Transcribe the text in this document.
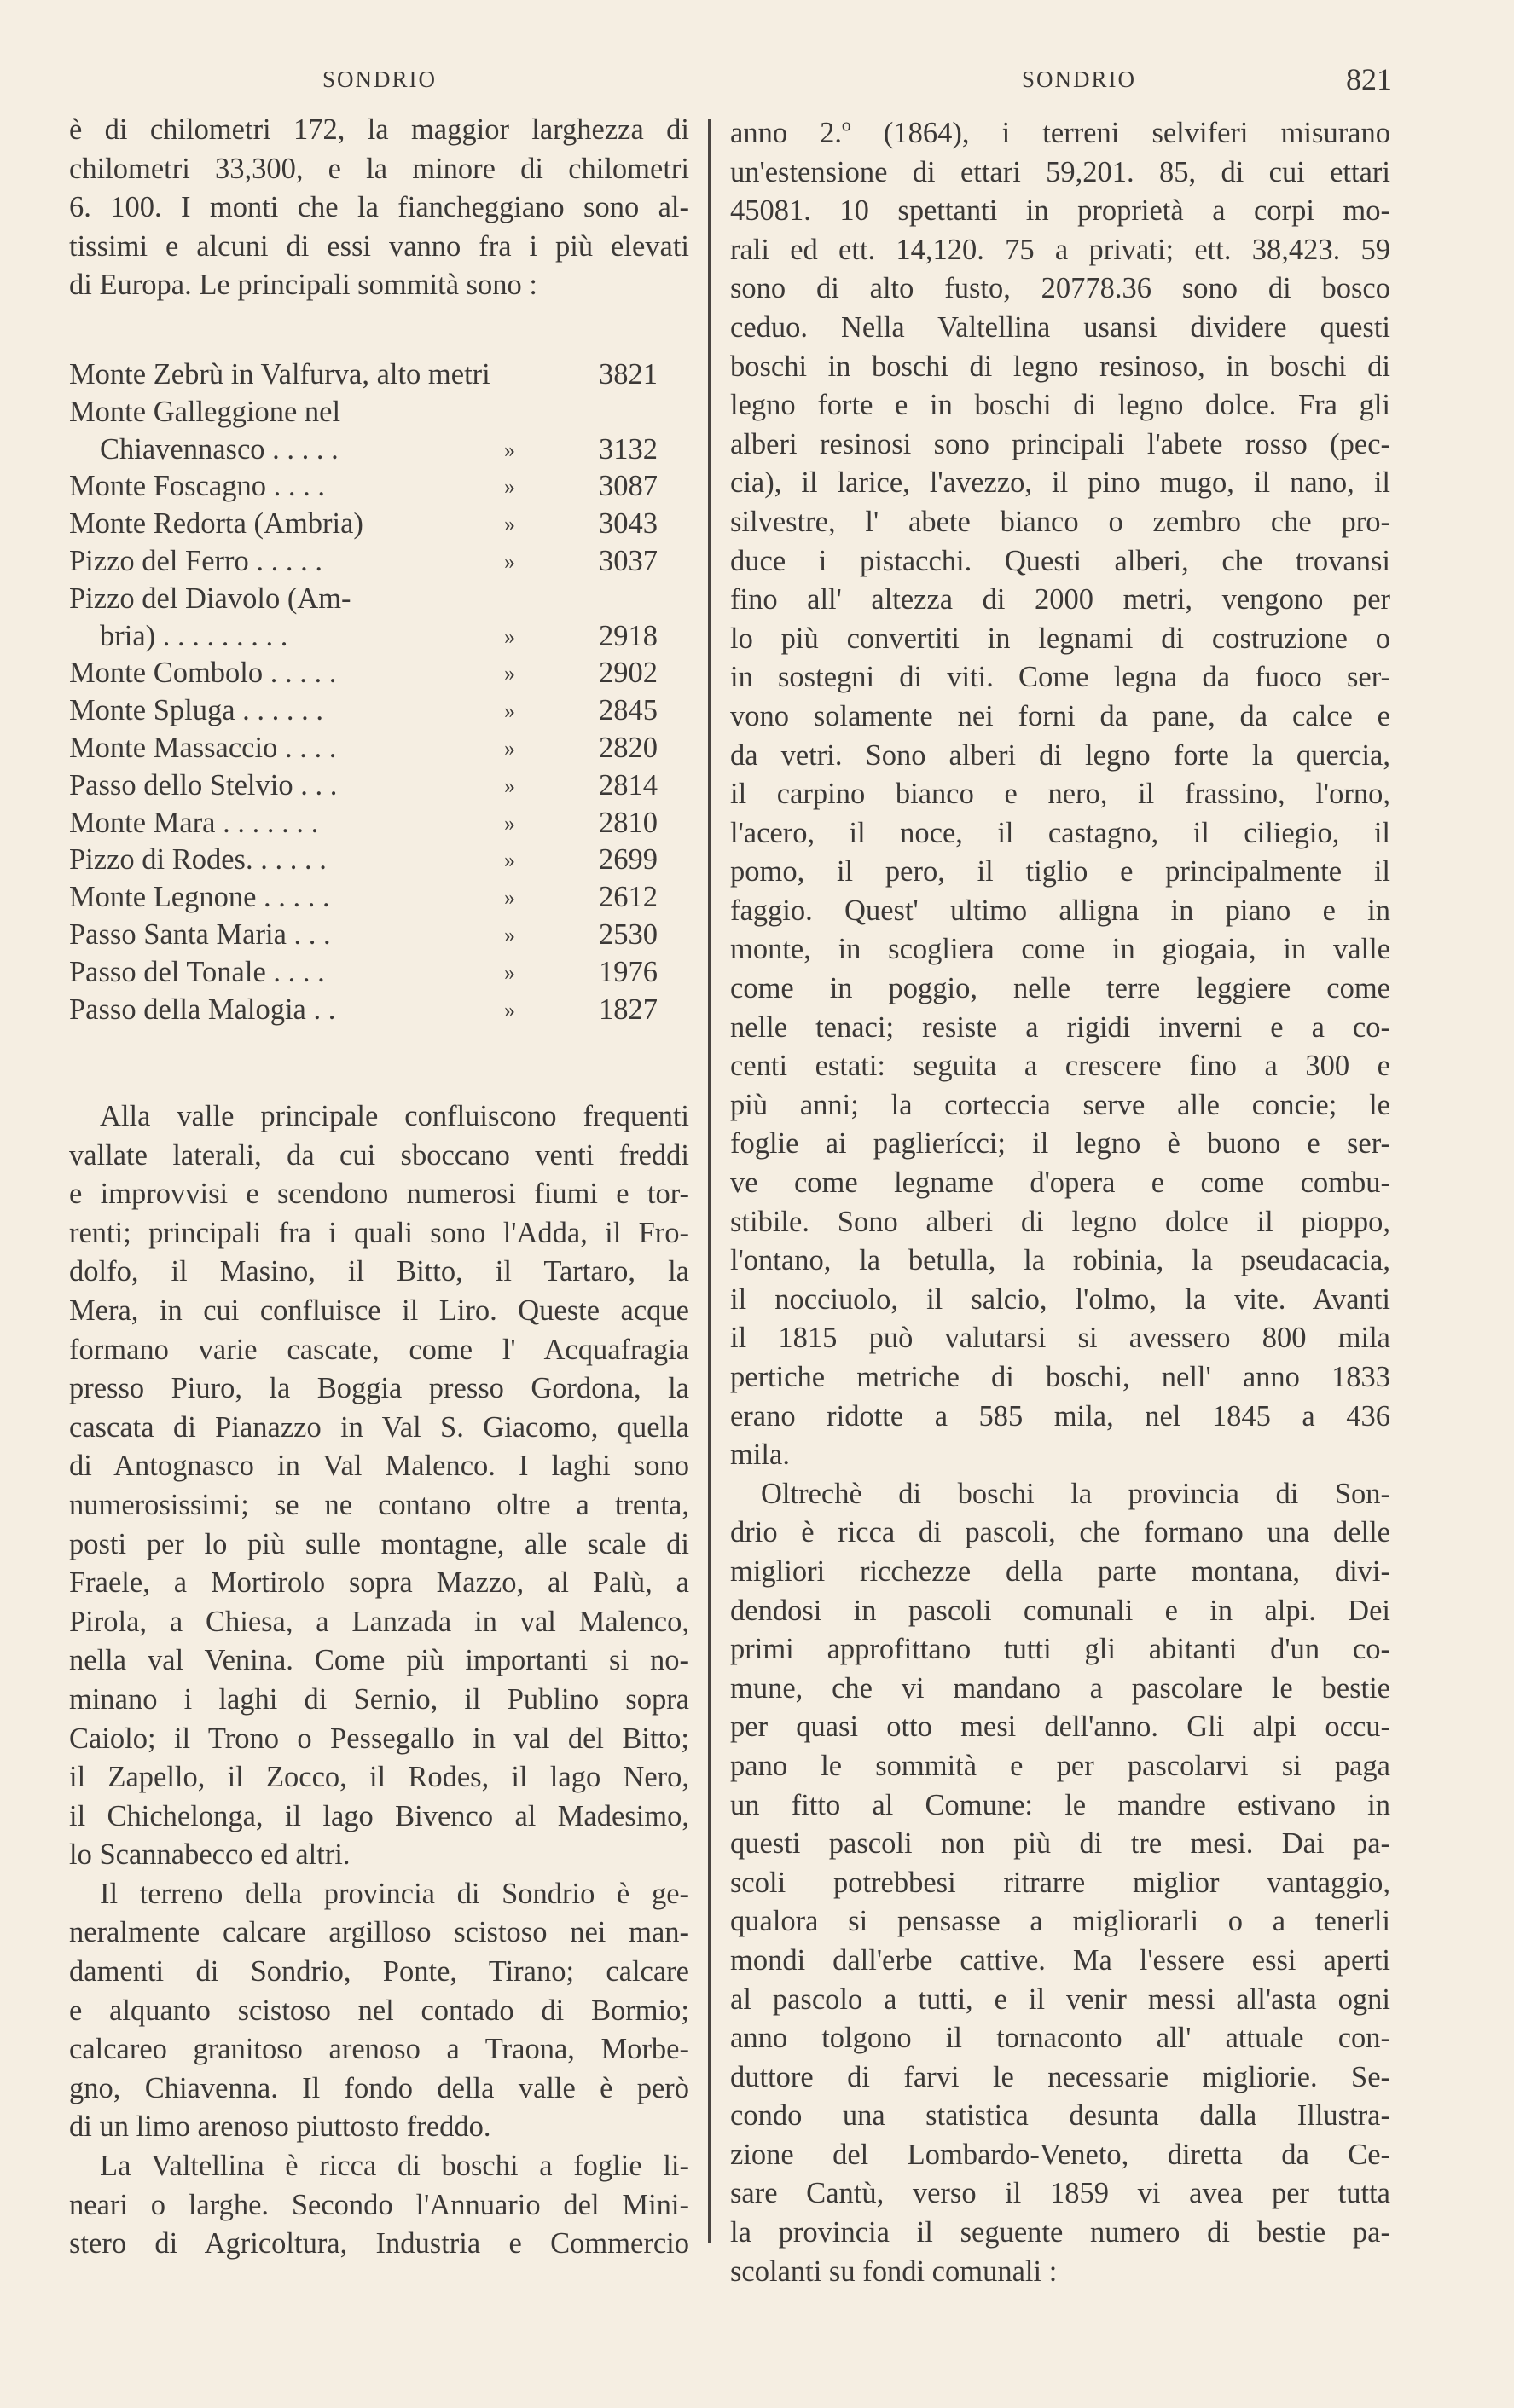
SONDRIO	SONDRIO	821
è di chilometri 172, la maggior larghezza di
chilometri 33,300, e la minore di chilometri
6. 100. I monti che la fiancheggiano sono al-
tissimi e alcuni di essi vanno fra i più elevati
di Europa. Le principali sommità sono :
Monte Zebrù in Valfurva, alto metri	3821
Monte Galleggione nel
Chiavennasco . . . . .	»	3132
Monte Foscagno . . . .	»	3087
Monte Redorta (Ambria)	»	3043
Pizzo del Ferro . . . . .	»	3037
Pizzo del Diavolo (Am-
bria) . . . . . . . . .	»	2918
Monte Combolo . . . . .	»	2902
Monte Spluga . . . . . .	»	2845
Monte Massaccio . . . .	»	2820
Passo dello Stelvio . . .	»	2814
Monte Mara . . . . . . .	»	2810
Pizzo di Rodes. . . . . .	»	2699
Monte Legnone . . . . .	»	2612
Passo Santa Maria . . .	»	2530
Passo del Tonale . . . .	»	1976
Passo della Malogia . .	»	1827
Alla valle principale confluiscono frequenti
vallate laterali, da cui sboccano venti freddi
e improvvisi e scendono numerosi fiumi e tor-
renti; principali fra i quali sono l'Adda, il Fro-
dolfo, il Masino, il Bitto, il Tartaro, la
Mera, in cui confluisce il Liro. Queste acque
formano varie cascate, come l' Acquafragia
presso Piuro, la Boggia presso Gordona, la
cascata di Pianazzo in Val S. Giacomo, quella
di Antognasco in Val Malenco. I laghi sono
numerosissimi; se ne contano oltre a trenta,
posti per lo più sulle montagne, alle scale di
Fraele, a Mortirolo sopra Mazzo, al Palù, a
Pirola, a Chiesa, a Lanzada in val Malenco,
nella val Venina. Come più importanti si no-
minano i laghi di Sernio, il Publino sopra
Caiolo; il Trono o Pessegallo in val del Bitto;
il Zapello, il Zocco, il Rodes, il lago Nero,
il Chichelonga, il lago Bivenco al Madesimo,
lo Scannabecco ed altri.
Il terreno della provincia di Sondrio è ge-
neralmente calcare argilloso scistoso nei man-
damenti di Sondrio, Ponte, Tirano; calcare
e alquanto scistoso nel contado di Bormio;
calcareo granitoso arenoso a Traona, Morbe-
gno, Chiavenna. Il fondo della valle è però
di un limo arenoso piuttosto freddo.
La Valtellina è ricca di boschi a foglie li-
neari o larghe. Secondo l'Annuario del Mini-
stero di Agricoltura, Industria e Commercio
anno 2.º (1864), i terreni selviferi misurano
un'estensione di ettari 59,201. 85, di cui ettari
45081. 10 spettanti in proprietà a corpi mo-
rali ed ett. 14,120. 75 a privati; ett. 38,423. 59
sono di alto fusto, 20778.36 sono di bosco
ceduo. Nella Valtellina usansi dividere questi
boschi in boschi di legno resinoso, in boschi di
legno forte e in boschi di legno dolce. Fra gli
alberi resinosi sono principali l'abete rosso (pec-
cia), il larice, l'avezzo, il pino mugo, il nano, il
silvestre, l' abete bianco o zembro che pro-
duce i pistacchi. Questi alberi, che trovansi
fino all' altezza di 2000 metri, vengono per
lo più convertiti in legnami di costruzione o
in sostegni di viti. Come legna da fuoco ser-
vono solamente nei forni da pane, da calce e
da vetri. Sono alberi di legno forte la quercia,
il carpino bianco e nero, il frassino, l'orno,
l'acero, il noce, il castagno, il ciliegio, il
pomo, il pero, il tiglio e principalmente il
faggio. Quest' ultimo alligna in piano e in
monte, in scogliera come in giogaia, in valle
come in poggio, nelle terre leggiere come
nelle tenaci; resiste a rigidi inverni e a co-
centi estati: seguita a crescere fino a 300 e
più anni; la corteccia serve alle concie; le
foglie ai paglierícci; il legno è buono e ser-
ve come legname d'opera e come combu-
stibile. Sono alberi di legno dolce il pioppo,
l'ontano, la betulla, la robinia, la pseudacacia,
il nocciuolo, il salcio, l'olmo, la vite. Avanti
il 1815 può valutarsi si avessero 800 mila
pertiche metriche di boschi, nell' anno 1833
erano ridotte a 585 mila, nel 1845 a 436
mila.
Oltrechè di boschi la provincia di Son-
drio è ricca di pascoli, che formano una delle
migliori ricchezze della parte montana, divi-
dendosi in pascoli comunali e in alpi. Dei
primi approfittano tutti gli abitanti d'un co-
mune, che vi mandano a pascolare le bestie
per quasi otto mesi dell'anno. Gli alpi occu-
pano le sommità e per pascolarvi si paga
un fitto al Comune: le mandre estivano in
questi pascoli non più di tre mesi. Dai pa-
scoli potrebbesi ritrarre miglior vantaggio,
qualora si pensasse a migliorarli o a tenerli
mondi dall'erbe cattive. Ma l'essere essi aperti
al pascolo a tutti, e il venir messi all'asta ogni
anno tolgono il tornaconto all' attuale con-
duttore di farvi le necessarie migliorie. Se-
condo una statistica desunta dalla Illustra-
zione del Lombardo-Veneto, diretta da Ce-
sare Cantù, verso il 1859 vi avea per tutta
la provincia il seguente numero di bestie pa-
scolanti su fondi comunali :
